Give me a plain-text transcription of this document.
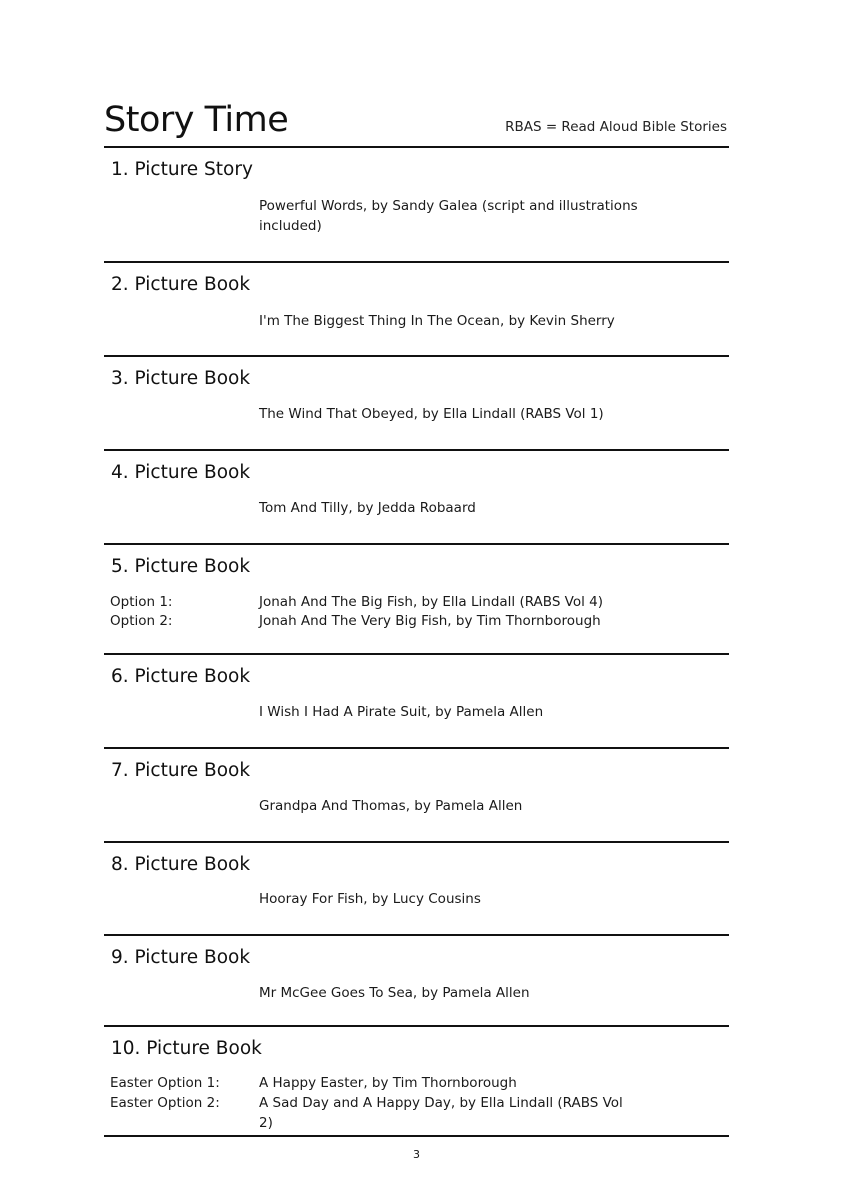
Story Time	RBAS = Read Aloud Bible Stories
1. Picture Story
Powerful Words, by Sandy Galea (script and illustrations included)
2. Picture Book
I'm The Biggest Thing In The Ocean, by Kevin Sherry
3. Picture Book
The Wind That Obeyed, by Ella Lindall (RABS Vol 1)
4. Picture Book
Tom And Tilly, by Jedda Robaard
5. Picture Book
Option 1:	Jonah And The Big Fish, by Ella Lindall (RABS Vol 4)
Option 2:	Jonah And The Very Big Fish, by Tim Thornborough
6. Picture Book
I Wish I Had A Pirate Suit, by Pamela Allen
7. Picture Book
Grandpa And Thomas, by Pamela Allen
8. Picture Book
Hooray For Fish, by Lucy Cousins
9. Picture Book
Mr McGee Goes To Sea, by Pamela Allen
10. Picture Book
Easter Option 1:	A Happy Easter, by Tim Thornborough
Easter Option 2:	A Sad Day and A Happy Day, by Ella Lindall (RABS Vol 2)
3
